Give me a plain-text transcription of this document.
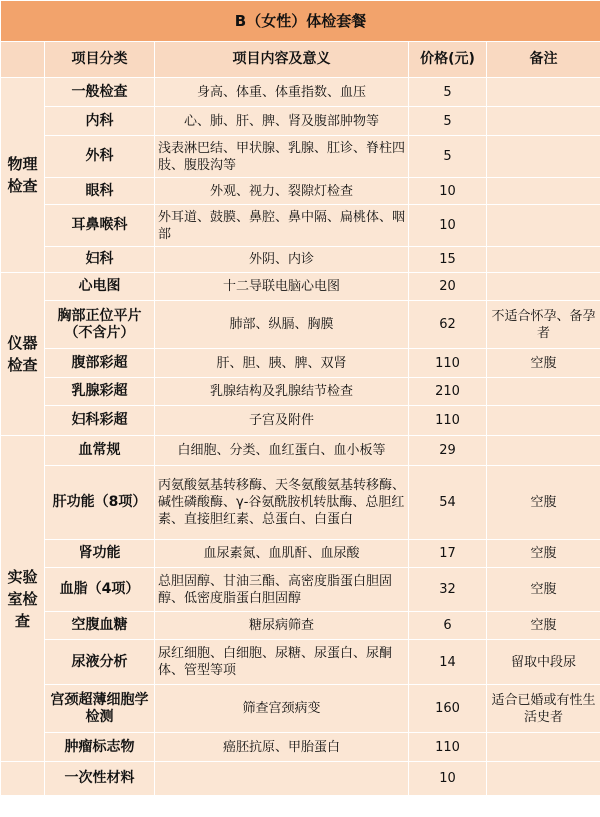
B（女性）体检套餐				
	项目分类	项目内容及意义	价格(元)	备注
物理检查	一般检查	身高、体重、体重指数、血压	5	
	内科	心、肺、肝、脾、肾及腹部肿物等	5	
	外科	浅表淋巴结、甲状腺、乳腺、肛诊、脊柱四肢、腹股沟等	5	
	眼科	外观、视力、裂隙灯检查	10	
	耳鼻喉科	外耳道、鼓膜、鼻腔、鼻中隔、扁桃体、咽部	10	
	妇科	外阴、内诊	15	
仪器检查	心电图	十二导联电脑心电图	20	
	胸部正位平片（不含片）	肺部、纵膈、胸膜	62	不适合怀孕、备孕者
	腹部彩超	肝、胆、胰、脾、双肾	110	空腹
	乳腺彩超	乳腺结构及乳腺结节检查	210	
	妇科彩超	子宫及附件	110	
实验室检查	血常规	白细胞、分类、血红蛋白、血小板等	29	
	肝功能（8项）	丙氨酸氨基转移酶、天冬氨酸氨基转移酶、碱性磷酸酶、γ-谷氨酰胺机转肽酶、总胆红素、直接胆红素、总蛋白、白蛋白	54	空腹
	肾功能	血尿素氮、血肌酐、血尿酸	17	空腹
	血脂（4项）	总胆固醇、甘油三酯、高密度脂蛋白胆固醇、低密度脂蛋白胆固醇	32	空腹
	空腹血糖	糖尿病筛查	6	空腹
	尿液分析	尿红细胞、白细胞、尿糖、尿蛋白、尿酮体、管型等项	14	留取中段尿
	宫颈超薄细胞学检测	筛查宫颈病变	160	适合已婚或有性生活史者
	肿瘤标志物	癌胚抗原、甲胎蛋白	110	
	一次性材料		10	
